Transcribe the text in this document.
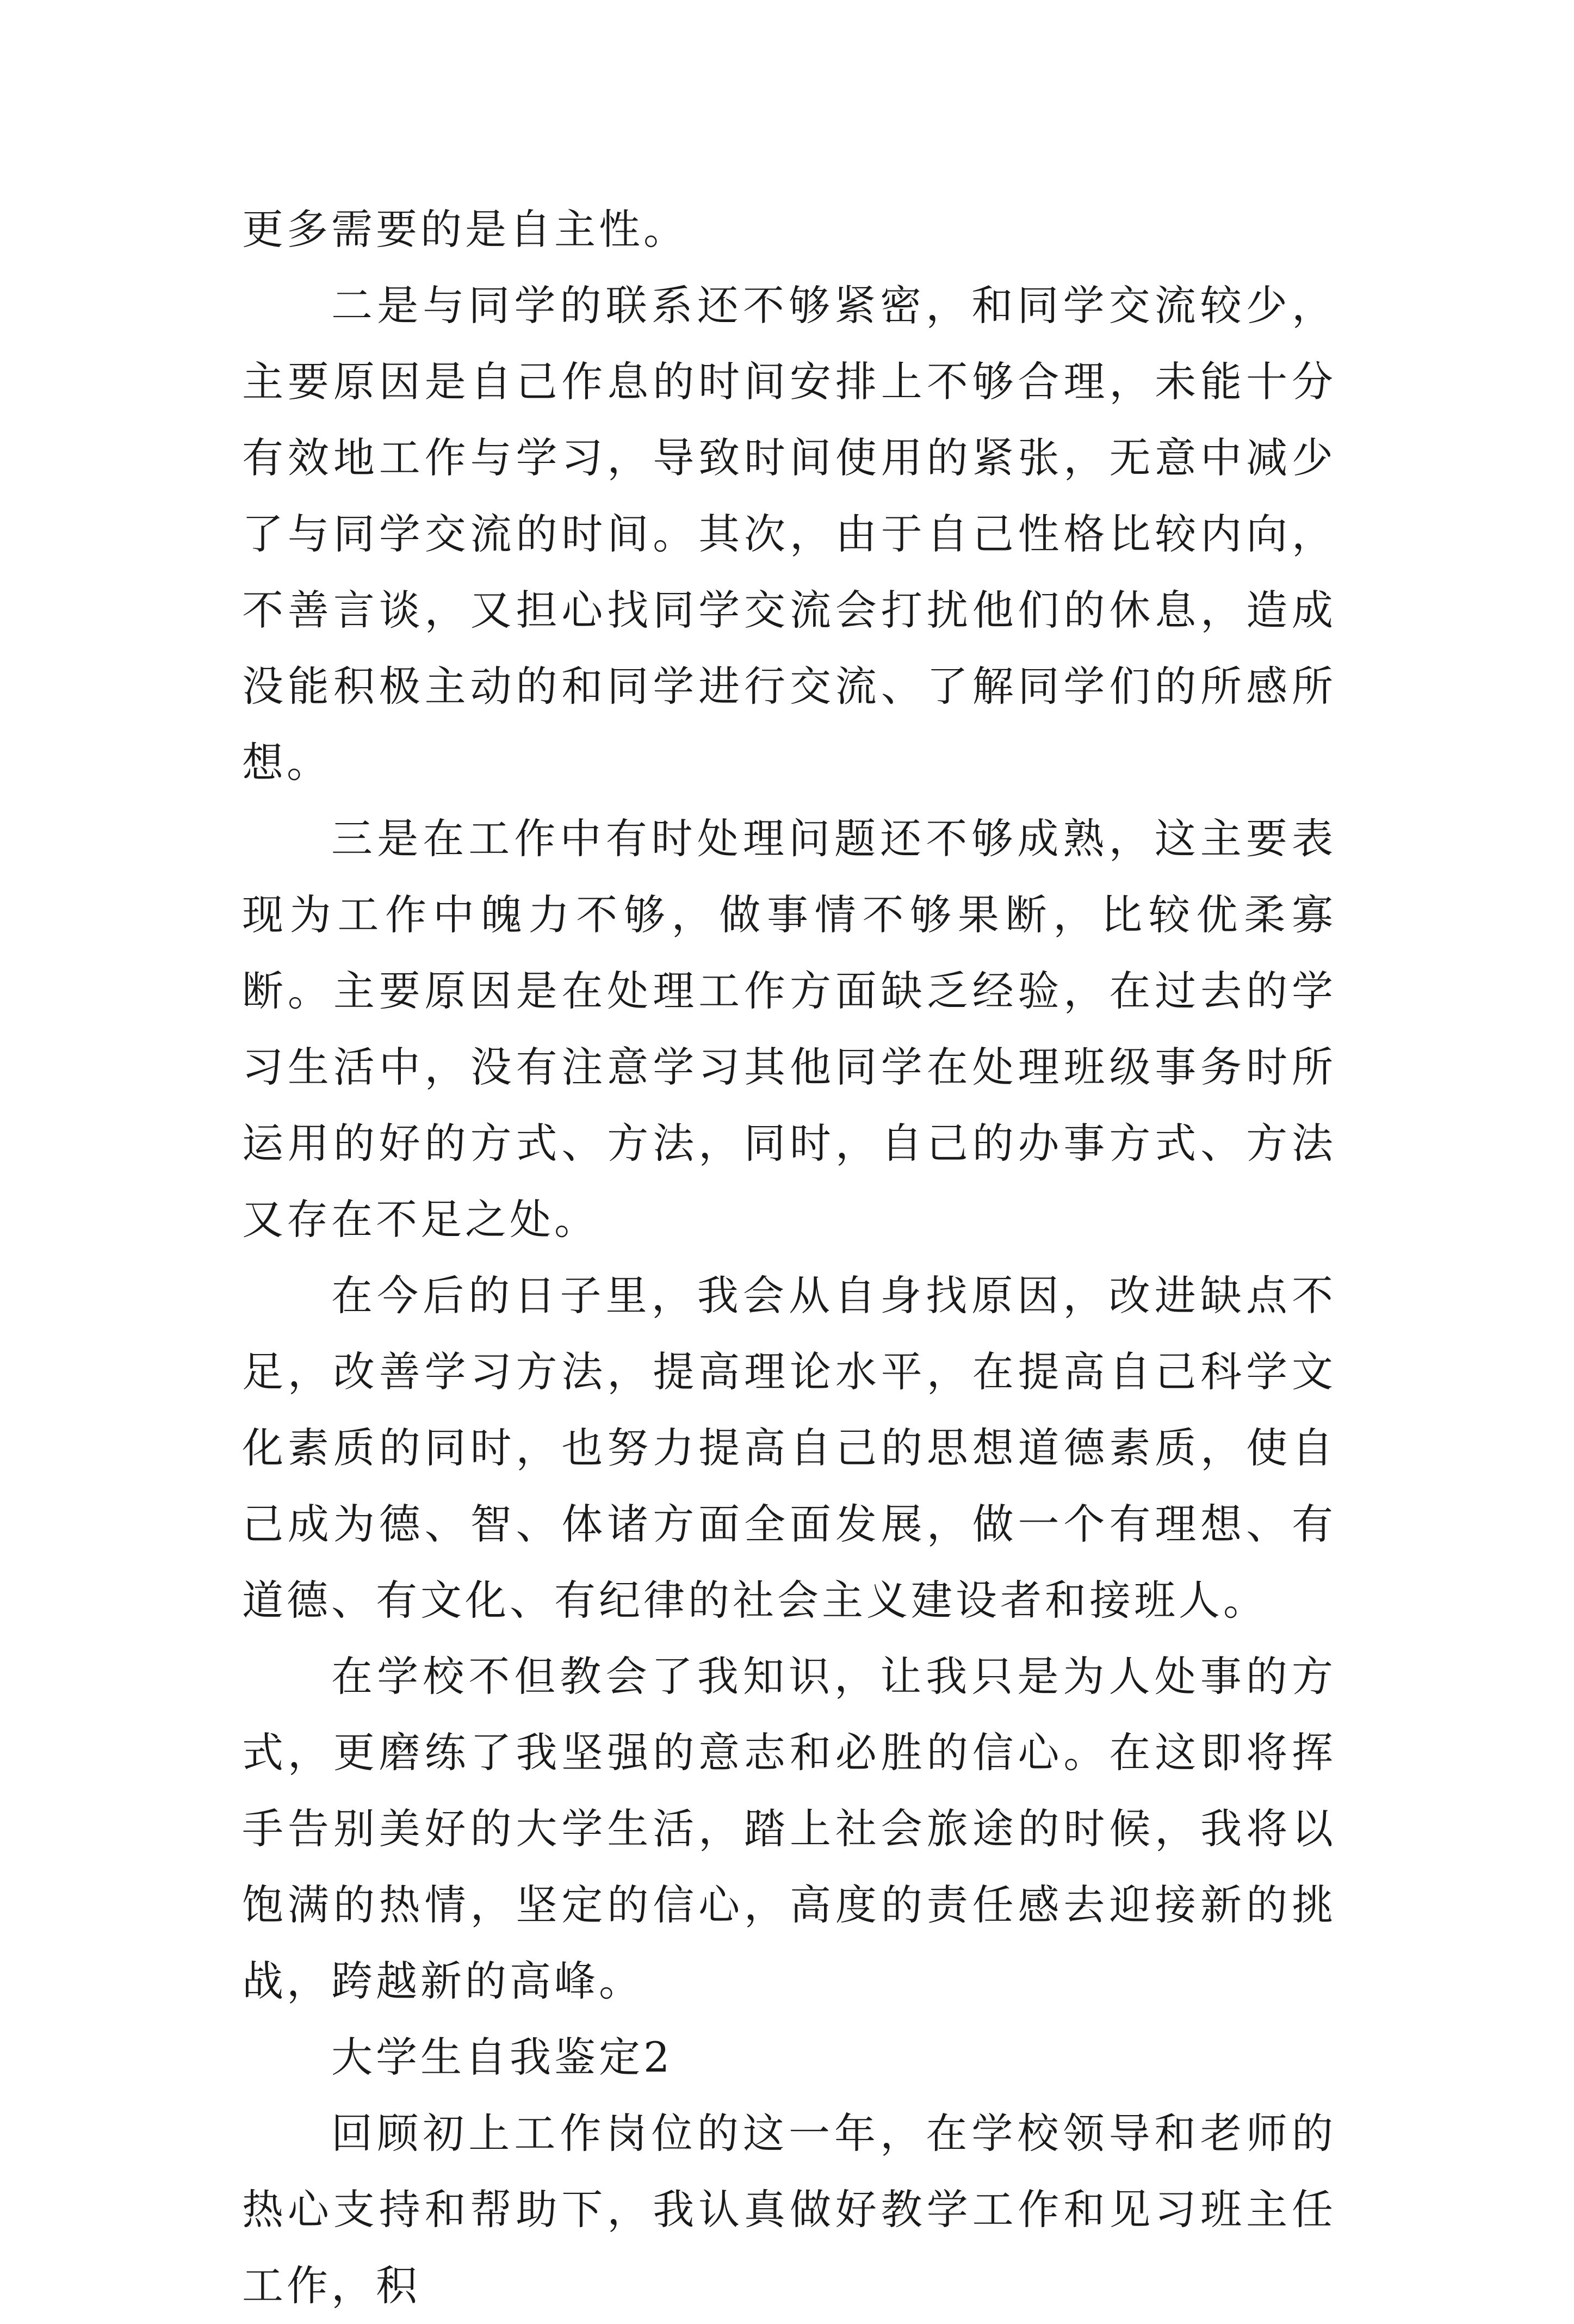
更多需要的是自主性。

二是与同学的联系还不够紧密，和同学交流较少，主要原因是自己作息的时间安排上不够合理，未能十分有效地工作与学习，导致时间使用的紧张，无意中减少了与同学交流的时间。其次，由于自己性格比较内向，不善言谈，又担心找同学交流会打扰他们的休息，造成没能积极主动的和同学进行交流、了解同学们的所感所想。

三是在工作中有时处理问题还不够成熟，这主要表现为工作中魄力不够，做事情不够果断，比较优柔寡断。主要原因是在处理工作方面缺乏经验，在过去的学习生活中，没有注意学习其他同学在处理班级事务时所运用的好的方式、方法，同时，自己的办事方式、方法又存在不足之处。

在今后的日子里，我会从自身找原因，改进缺点不足，改善学习方法，提高理论水平，在提高自己科学文化素质的同时，也努力提高自己的思想道德素质，使自己成为德、智、体诸方面全面发展，做一个有理想、有道德、有文化、有纪律的社会主义建设者和接班人。

在学校不但教会了我知识，让我只是为人处事的方式，更磨练了我坚强的意志和必胜的信心。在这即将挥手告别美好的大学生活，踏上社会旅途的时候，我将以饱满的热情，坚定的信心，高度的责任感去迎接新的挑战，跨越新的高峰。

大学生自我鉴定2

回顾初上工作岗位的这一年，在学校领导和老师的热心支持和帮助下，我认真做好教学工作和见习班主任工作，积
